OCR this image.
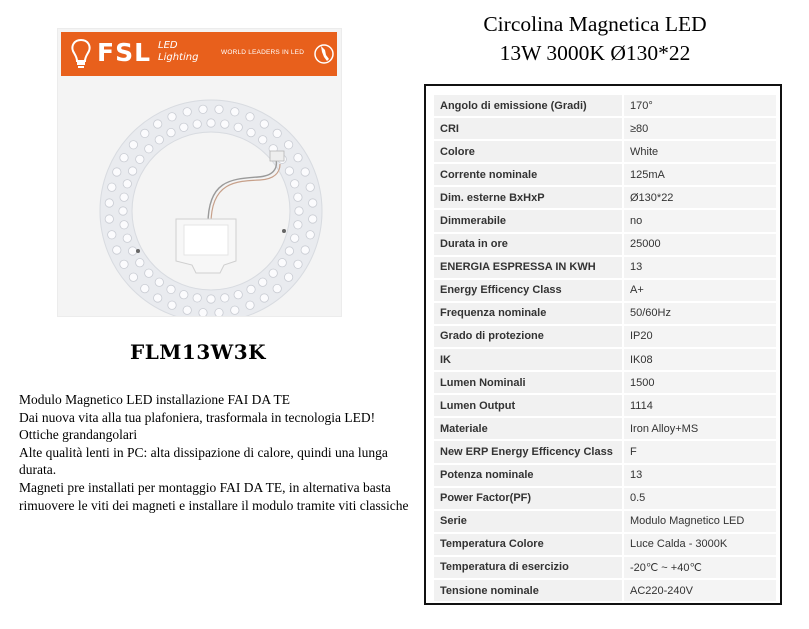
FSL LED
Lighting	WORLD LEADERS IN LED
FLM13W3K

Modulo Magnetico LED installazione FAI DA TE

Dai nuova vita alla tua plafoniera, trasformala in tecnologia LED!

Ottiche grandangolari

Alte qualità lenti in PC: alta dissipazione di calore, quindi una lunga durata.

Magneti pre installati per montaggio FAI DA TE, in alternativa basta rimuovere le viti dei magneti e installare il modulo tramite viti classiche

Circolina Magnetica LED
13W 3000K Ø130*22
Angolo di emissione (Gradi)	170°
CRI	≥80
Colore	White
Corrente nominale	125mA
Dim. esterne BxHxP	Ø130*22
Dimmerabile	no
Durata in ore	25000
ENERGIA ESPRESSA IN KWH	13
Energy Efficency Class	A+
Frequenza nominale	50/60Hz
Grado di protezione	IP20
IK	IK08
Lumen Nominali	1500
Lumen Output	1114
Materiale	Iron Alloy+MS
New ERP Energy Efficency Class	F
Potenza nominale	13
Power Factor(PF)	0.5
Serie	Modulo Magnetico LED
Temperatura Colore	Luce Calda - 3000K
Temperatura di esercizio	-20℃ ~ +40℃
Tensione nominale	AC220-240V
